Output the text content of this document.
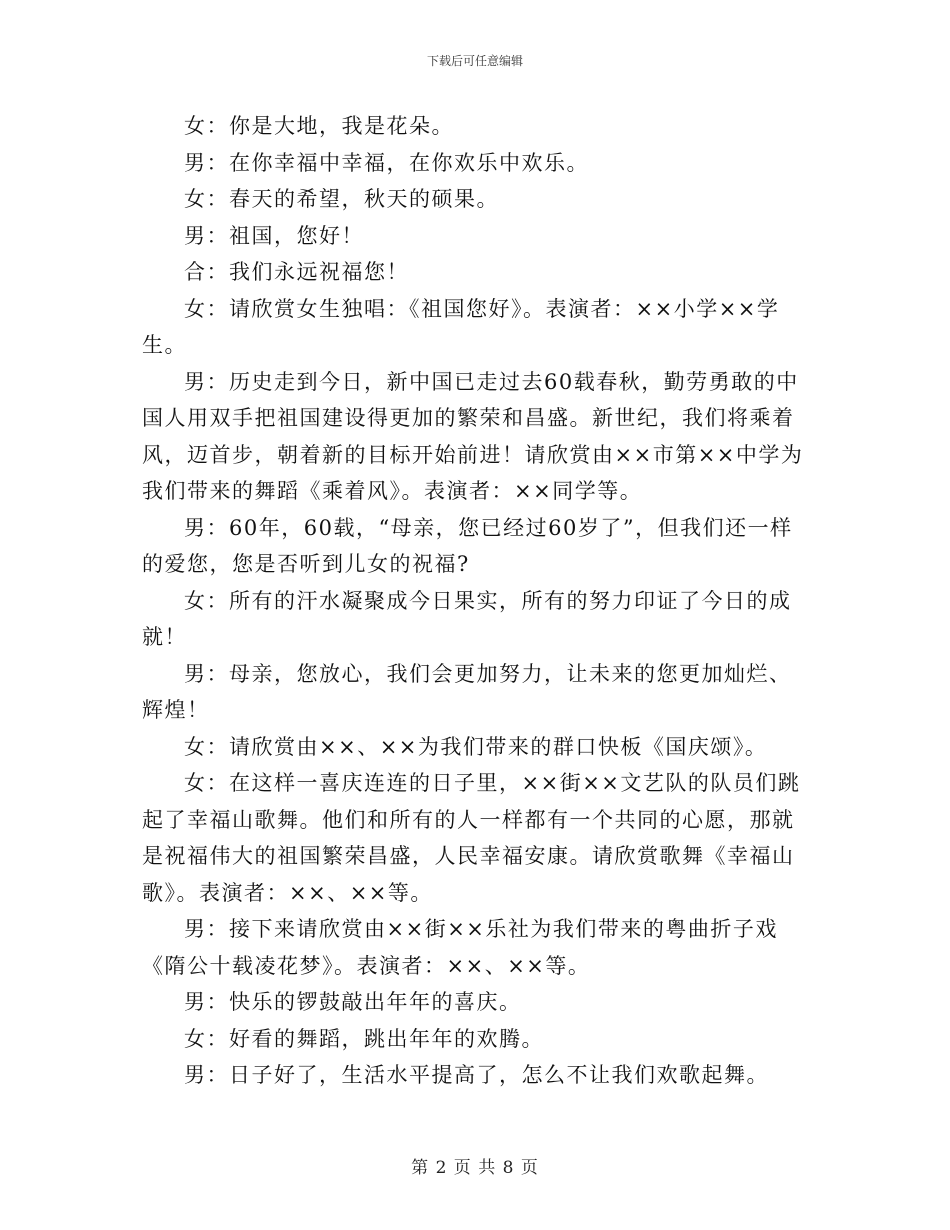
下载后可任意编辑

女：你是大地，我是花朵。

男：在你幸福中幸福，在你欢乐中欢乐。

女：春天的希望，秋天的硕果。

男：祖国，您好！

合：我们永远祝福您！

女：请欣赏女生独唱：《祖国您好》。表演者：××小学××学生。

男：历史走到今日，新中国已走过去60载春秋，勤劳勇敢的中国人用双手把祖国建设得更加的繁荣和昌盛。新世纪，我们将乘着风，迈首步，朝着新的目标开始前进！请欣赏由××市第××中学为我们带来的舞蹈《乘着风》。表演者：××同学等。

男：60年，60载，“母亲，您已经过60岁了”，但我们还一样的爱您，您是否听到儿女的祝福?

女：所有的汗水凝聚成今日果实，所有的努力印证了今日的成就！

男：母亲，您放心，我们会更加努力，让未来的您更加灿烂、辉煌！

女：请欣赏由××、××为我们带来的群口快板《国庆颂》。

女：在这样一喜庆连连的日子里，××街××文艺队的队员们跳起了幸福山歌舞。他们和所有的人一样都有一个共同的心愿，那就是祝福伟大的祖国繁荣昌盛，人民幸福安康。请欣赏歌舞《幸福山歌》。表演者：××、××等。

男：接下来请欣赏由××街××乐社为我们带来的粤曲折子戏《隋公十载凌花梦》。表演者：××、××等。

男：快乐的锣鼓敲出年年的喜庆。

女：好看的舞蹈，跳出年年的欢腾。

男：日子好了，生活水平提高了，怎么不让我们欢歌起舞。

第 2 页 共 8 页
